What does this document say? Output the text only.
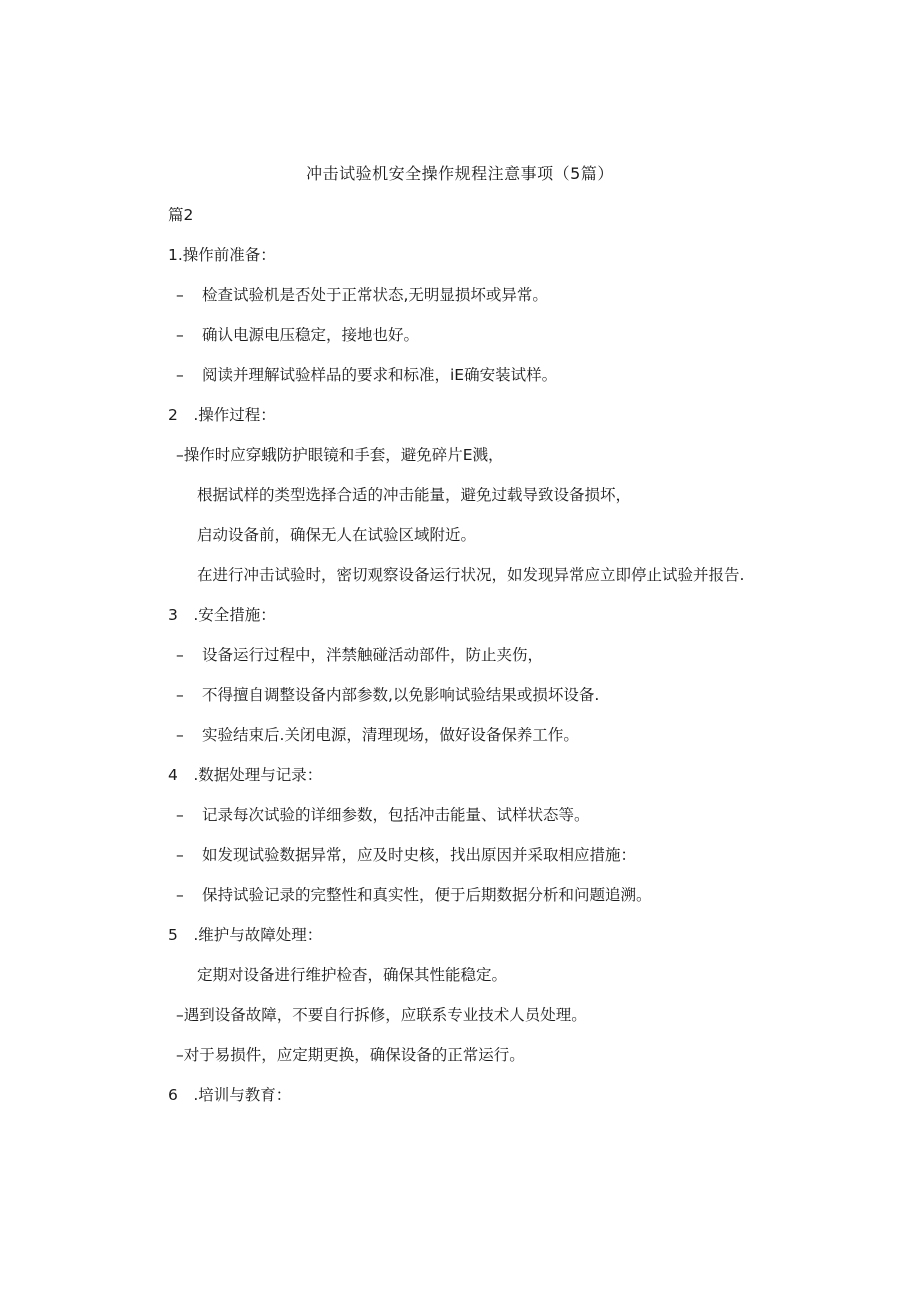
冲击试验机安全操作规程注意事项（5篇）
篇2
1.操作前准备：
– 检查试验机是否处于正常状态,无明显损坏或异常。
– 确认电源电压稳定，接地也好。
– 阅读并理解试验样品的要求和标准，iE确安装试样。
2　.操作过程：
–操作时应穿蛾防护眼镜和手套，避免碎片E溅，
根据试样的类型选择合适的冲击能量，避免过载导致设备损坏，
启动设备前，确保无人在试验区域附近。
在进行冲击试验时，密切观察设备运行状况，如发现异常应立即停止试验并报告.
3　.安全措施：
– 设备运行过程中，泮禁触碰活动部件，防止夹伤，
– 不得擅自调整设备内部参数,以免影响试验结果或损坏设备.
– 实验结束后.关闭电源，清理现场，做好设备保养工作。
4　.数据处理与记录：
– 记录每次试验的详细参数，包括冲击能量、试样状态等。
– 如发现试验数据异常，应及时史核，找出原因并采取相应措施：
– 保持试验记录的完整性和真实性，便于后期数据分析和问题追溯。
5　.维护与故障处理：
定期对设备进行维护检杳，确保其性能稳定。
–遇到设备故障，不要自行拆修，应联系专业技术人员处理。
–对于易损件，应定期更换，确保设备的正常运行。
6　.培训与教育：
